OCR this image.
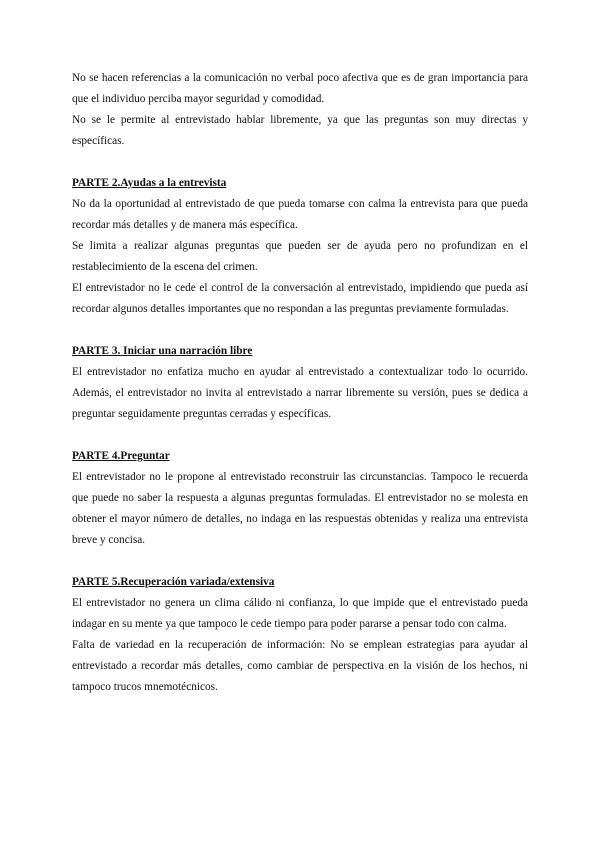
No se hacen referencias a la comunicación no verbal poco afectiva que es de gran importancia para que el individuo perciba mayor seguridad y comodidad.

No se le permite al entrevistado hablar libremente, ya que las preguntas son muy directas y específicas.

PARTE 2.Ayudas a la entrevista

No da la oportunidad al entrevistado de que pueda tomarse con calma la entrevista para que pueda recordar más detalles y de manera más específica.

Se limita a realizar algunas preguntas que pueden ser de ayuda pero no profundizan en el restablecimiento de la escena del crimen.

El entrevistador no le cede el control de la conversación al entrevistado, impidiendo que pueda así recordar algunos detalles importantes que no respondan a las preguntas previamente formuladas.

PARTE 3. Iniciar una narración libre

El entrevistador no enfatiza mucho en ayudar al entrevistado a contextualizar todo lo ocurrido. Además, el entrevistador no invita al entrevistado a narrar libremente su versión, pues se dedica a preguntar seguidamente preguntas cerradas y específicas.

PARTE 4.Preguntar

El entrevistador no le propone al entrevistado reconstruir las circunstancias. Tampoco le recuerda que puede no saber la respuesta a algunas preguntas formuladas. El entrevistador no se molesta en obtener el mayor número de detalles, no indaga en las respuestas obtenidas y realiza una entrevista breve y concisa.

PARTE 5.Recuperación variada/extensiva

El entrevistador no genera un clima cálido ni confianza, lo que impide que el entrevistado pueda indagar en su mente ya que tampoco le cede tiempo para poder pararse a pensar todo con calma.

Falta de variedad en la recuperación de información: No se emplean estrategias para ayudar al entrevistado a recordar más detalles, como cambiar de perspectiva en la visión de los hechos, ni tampoco trucos mnemotécnicos.
